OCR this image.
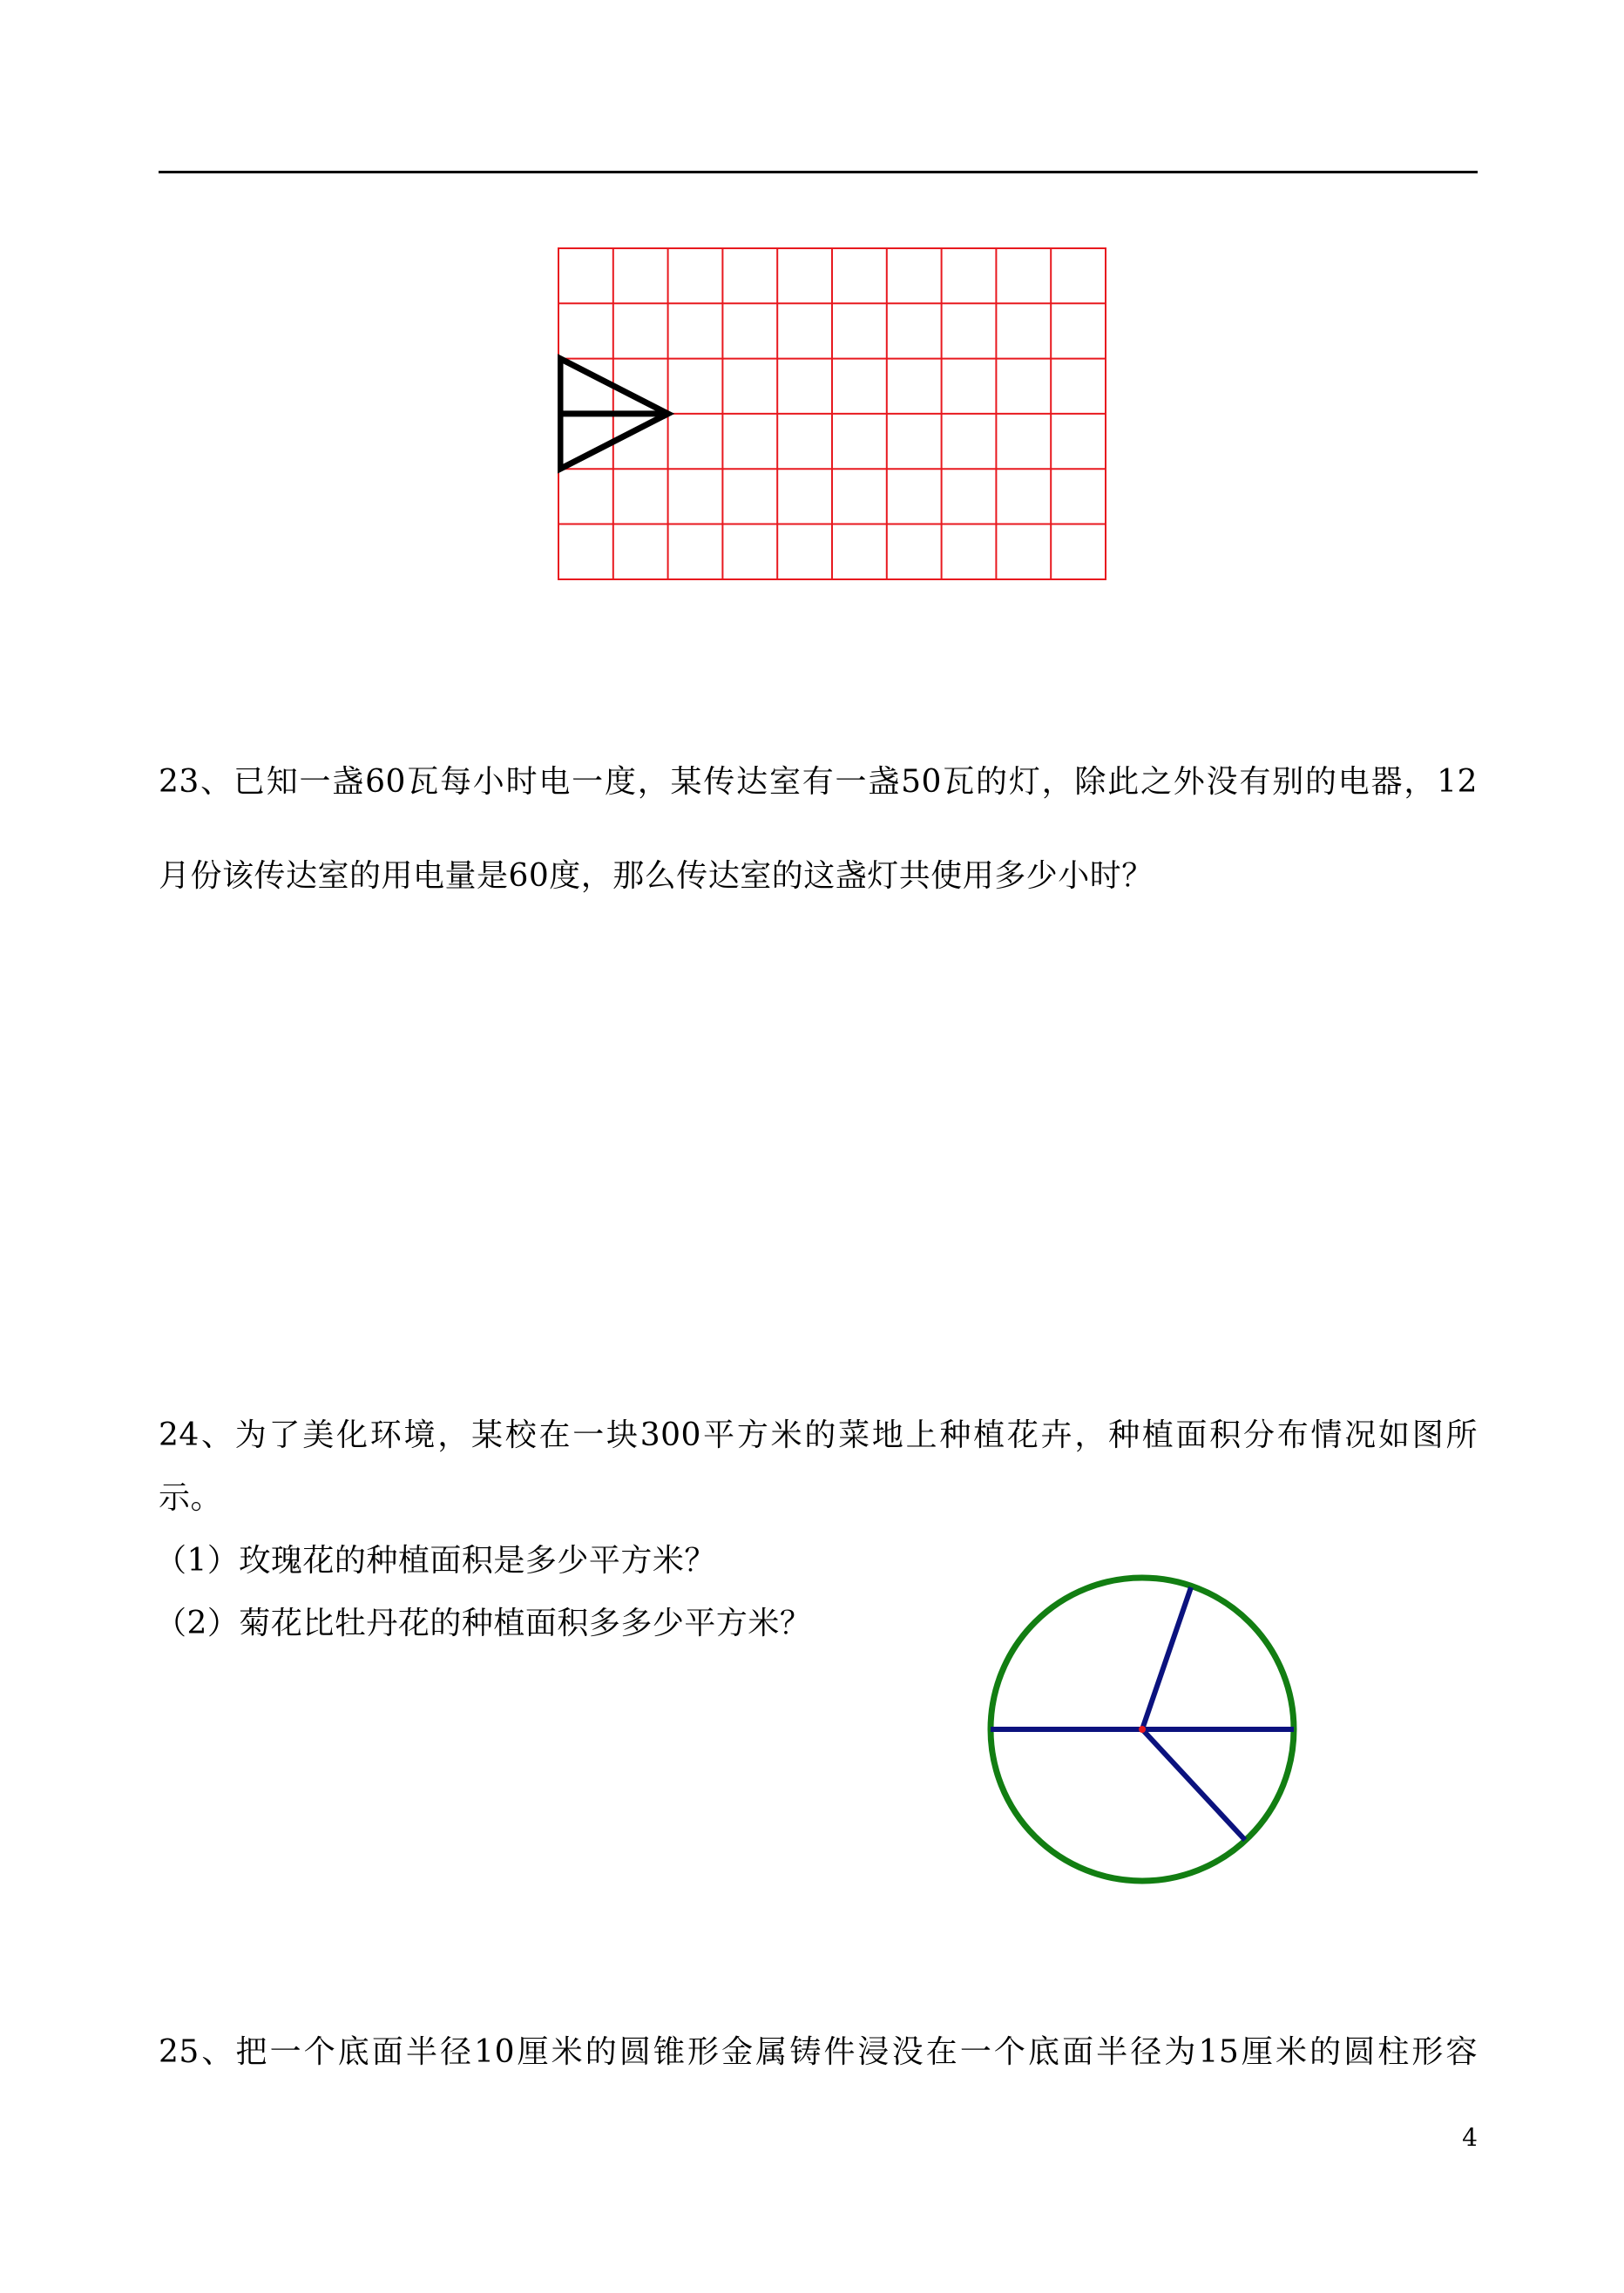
23、已知一盏60瓦每小时电一度，某传达室有一盏50瓦的灯，除此之外没有别的电器，12
月份该传达室的用电量是60度，那么传达室的这盏灯共使用多少小时？
24、为了美化环境，某校在一块300平方米的菜地上种植花卉，种植面积分布情况如图所
示。
（1）玫瑰花的种植面积是多少平方米？
（2）菊花比牡丹花的种植面积多多少平方米？
25、把一个底面半径10厘米的圆锥形金属铸件浸没在一个底面半径为15厘米的圆柱形容
4
